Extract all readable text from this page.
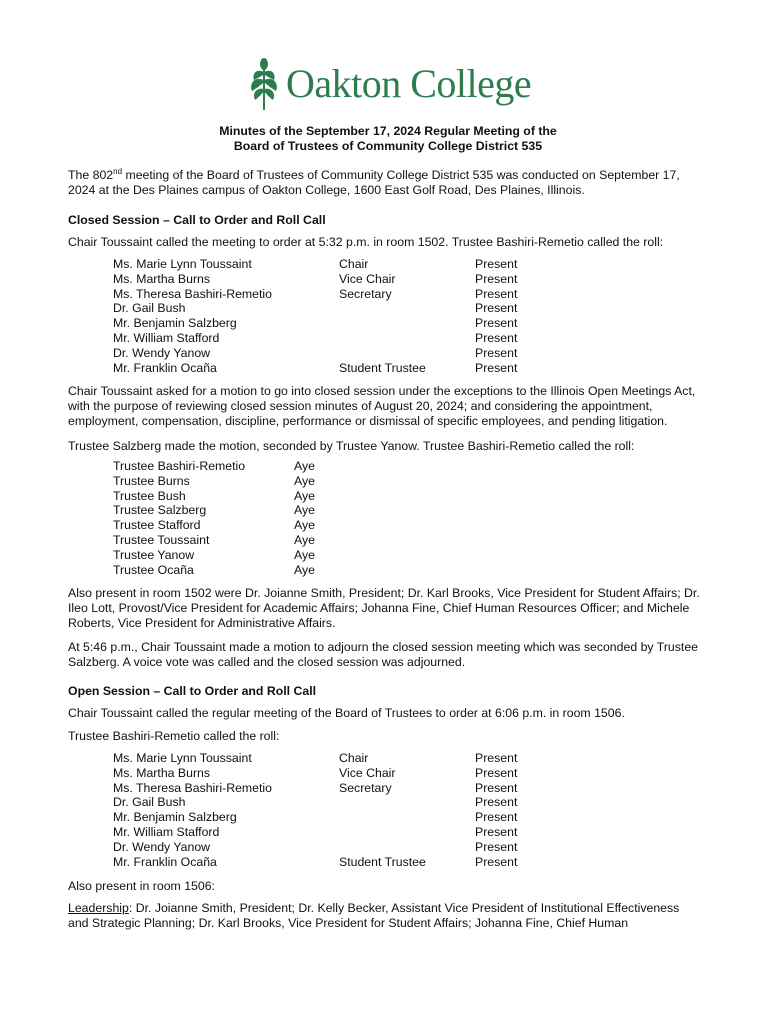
Oakton College
Minutes of the September 17, 2024 Regular Meeting of the
Board of Trustees of Community College District 535
The 802nd meeting of the Board of Trustees of Community College District 535 was conducted on September 17, 2024 at the Des Plaines campus of Oakton College, 1600 East Golf Road, Des Plaines, Illinois.
Closed Session – Call to Order and Roll Call
Chair Toussaint called the meeting to order at 5:32 p.m. in room 1502. Trustee Bashiri-Remetio called the roll:
Ms. Marie Lynn Toussaint	Chair	Present
Ms. Martha Burns	Vice Chair	Present
Ms. Theresa Bashiri-Remetio	Secretary	Present
Dr. Gail Bush		Present
Mr. Benjamin Salzberg		Present
Mr. William Stafford		Present
Dr. Wendy Yanow		Present
Mr. Franklin Ocaña	Student Trustee	Present
Chair Toussaint asked for a motion to go into closed session under the exceptions to the Illinois Open Meetings Act, with the purpose of reviewing closed session minutes of August 20, 2024; and considering the appointment, employment, compensation, discipline, performance or dismissal of specific employees, and pending litigation.
Trustee Salzberg made the motion, seconded by Trustee Yanow. Trustee Bashiri-Remetio called the roll:
Trustee Bashiri-Remetio	Aye
Trustee Burns	Aye
Trustee Bush	Aye
Trustee Salzberg	Aye
Trustee Stafford	Aye
Trustee Toussaint	Aye
Trustee Yanow	Aye
Trustee Ocaña	Aye
Also present in room 1502 were Dr. Joianne Smith, President; Dr. Karl Brooks, Vice President for Student Affairs; Dr. Ileo Lott, Provost/Vice President for Academic Affairs; Johanna Fine, Chief Human Resources Officer; and Michele Roberts, Vice President for Administrative Affairs.
At 5:46 p.m., Chair Toussaint made a motion to adjourn the closed session meeting which was seconded by Trustee Salzberg. A voice vote was called and the closed session was adjourned.
Open Session – Call to Order and Roll Call
Chair Toussaint called the regular meeting of the Board of Trustees to order at 6:06 p.m. in room 1506.
Trustee Bashiri-Remetio called the roll:
Ms. Marie Lynn Toussaint	Chair	Present
Ms. Martha Burns	Vice Chair	Present
Ms. Theresa Bashiri-Remetio	Secretary	Present
Dr. Gail Bush		Present
Mr. Benjamin Salzberg		Present
Mr. William Stafford		Present
Dr. Wendy Yanow		Present
Mr. Franklin Ocaña	Student Trustee	Present
Also present in room 1506:
Leadership: Dr. Joianne Smith, President; Dr. Kelly Becker, Assistant Vice President of Institutional Effectiveness and Strategic Planning; Dr. Karl Brooks, Vice President for Student Affairs; Johanna Fine, Chief Human
